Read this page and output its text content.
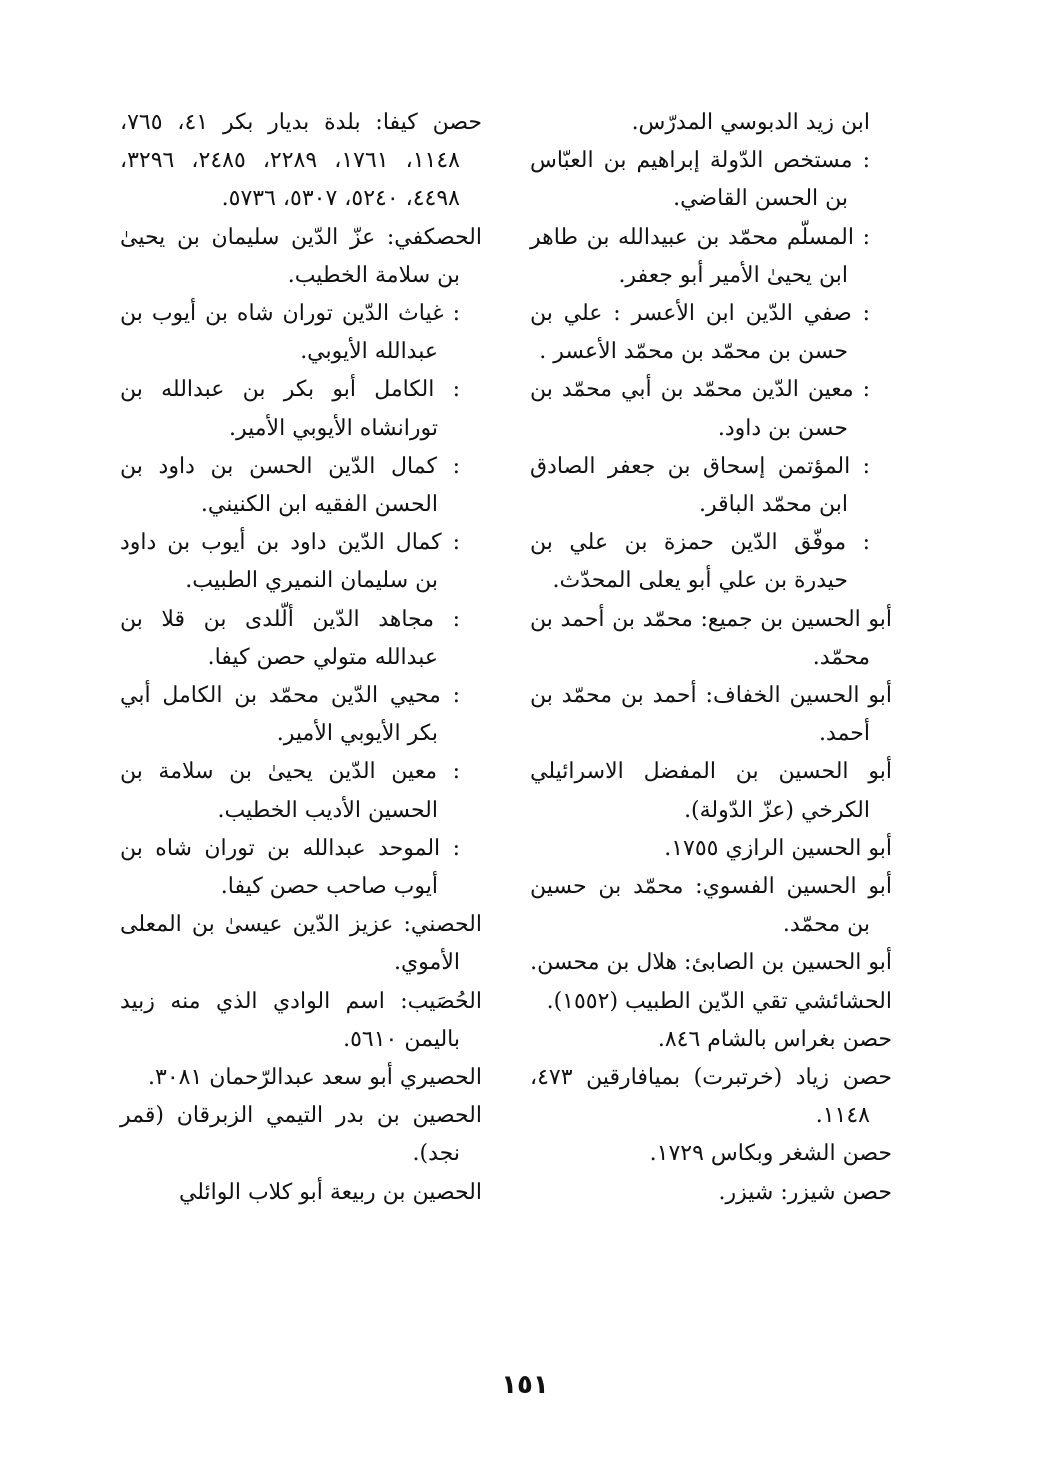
ابن زيد الدبوسي المدرّس.

: مستخص الدّولة إبراهيم بن العبّاس بن الحسن القاضي.

: المسلّم محمّد بن عبيدالله بن طاهر ابن يحيىٰ الأمير أبو جعفر.

: صفي الدّين ابن الأعسر : علي بن حسن بن محمّد بن محمّد الأعسر .

: معين الدّين محمّد بن أبي محمّد بن حسن بن داود.

: المؤتمن إسحاق بن جعفر الصادق ابن محمّد الباقر.

: موفّق الدّين حمزة بن علي بن حيدرة بن علي أبو يعلى المحدّث.

أبو الحسين بن جميع: محمّد بن أحمد بن محمّد.

أبو الحسين الخفاف: أحمد بن محمّد بن أحمد.

أبو الحسين بن المفضل الاسرائيلي الكرخي (عزّ الدّولة).

أبو الحسين الرازي ١٧٥٥.

أبو الحسين الفسوي: محمّد بن حسين بن محمّد.

أبو الحسين بن الصابئ: هلال بن محسن.

الحشائشي تقي الدّين الطبيب (١٥٥٢).

حصن بغراس بالشام ٨٤٦.

حصن زياد (خرتبرت) بميافارقين ٤٧٣، ١١٤٨.

حصن الشغر وبكاس ١٧٢٩.

حصن شيزر: شيزر.

حصن كيفا: بلدة بديار بكر ٤١، ٧٦٥، ١١٤٨، ١٧٦١، ٢٢٨٩، ٢٤٨٥، ٣٢٩٦، ٤٤٩٨، ٥٢٤٠، ٥٣٠٧، ٥٧٣٦.

الحصكفي: عزّ الدّين سليمان بن يحيىٰ بن سلامة الخطيب.

: غياث الدّين توران شاه بن أيوب بن عبدالله الأيوبي.

: الكامل أبو بكر بن عبدالله بن تورانشاه الأيوبي الأمير.

: كمال الدّين الحسن بن داود بن الحسن الفقيه ابن الكنيني.

: كمال الدّين داود بن أيوب بن داود بن سليمان النميري الطبيب.

: مجاهد الدّين ألّلدى بن قلا بن عبدالله متولي حصن كيفا.

: محيي الدّين محمّد بن الكامل أبي بكر الأيوبي الأمير.

: معين الدّين يحيىٰ بن سلامة بن الحسين الأديب الخطيب.

: الموحد عبدالله بن توران شاه بن أيوب صاحب حصن كيفا.

الحصني: عزيز الدّين عيسىٰ بن المعلى الأموي.

الحُصَيب: اسم الوادي الذي منه زبيد باليمن ٥٦١٠.

الحصيري أبو سعد عبدالرّحمان ٣٠٨١.

الحصين بن بدر التيمي الزبرقان (قمر نجد).

الحصين بن ربيعة أبو كلاب الوائلي

١٥١
